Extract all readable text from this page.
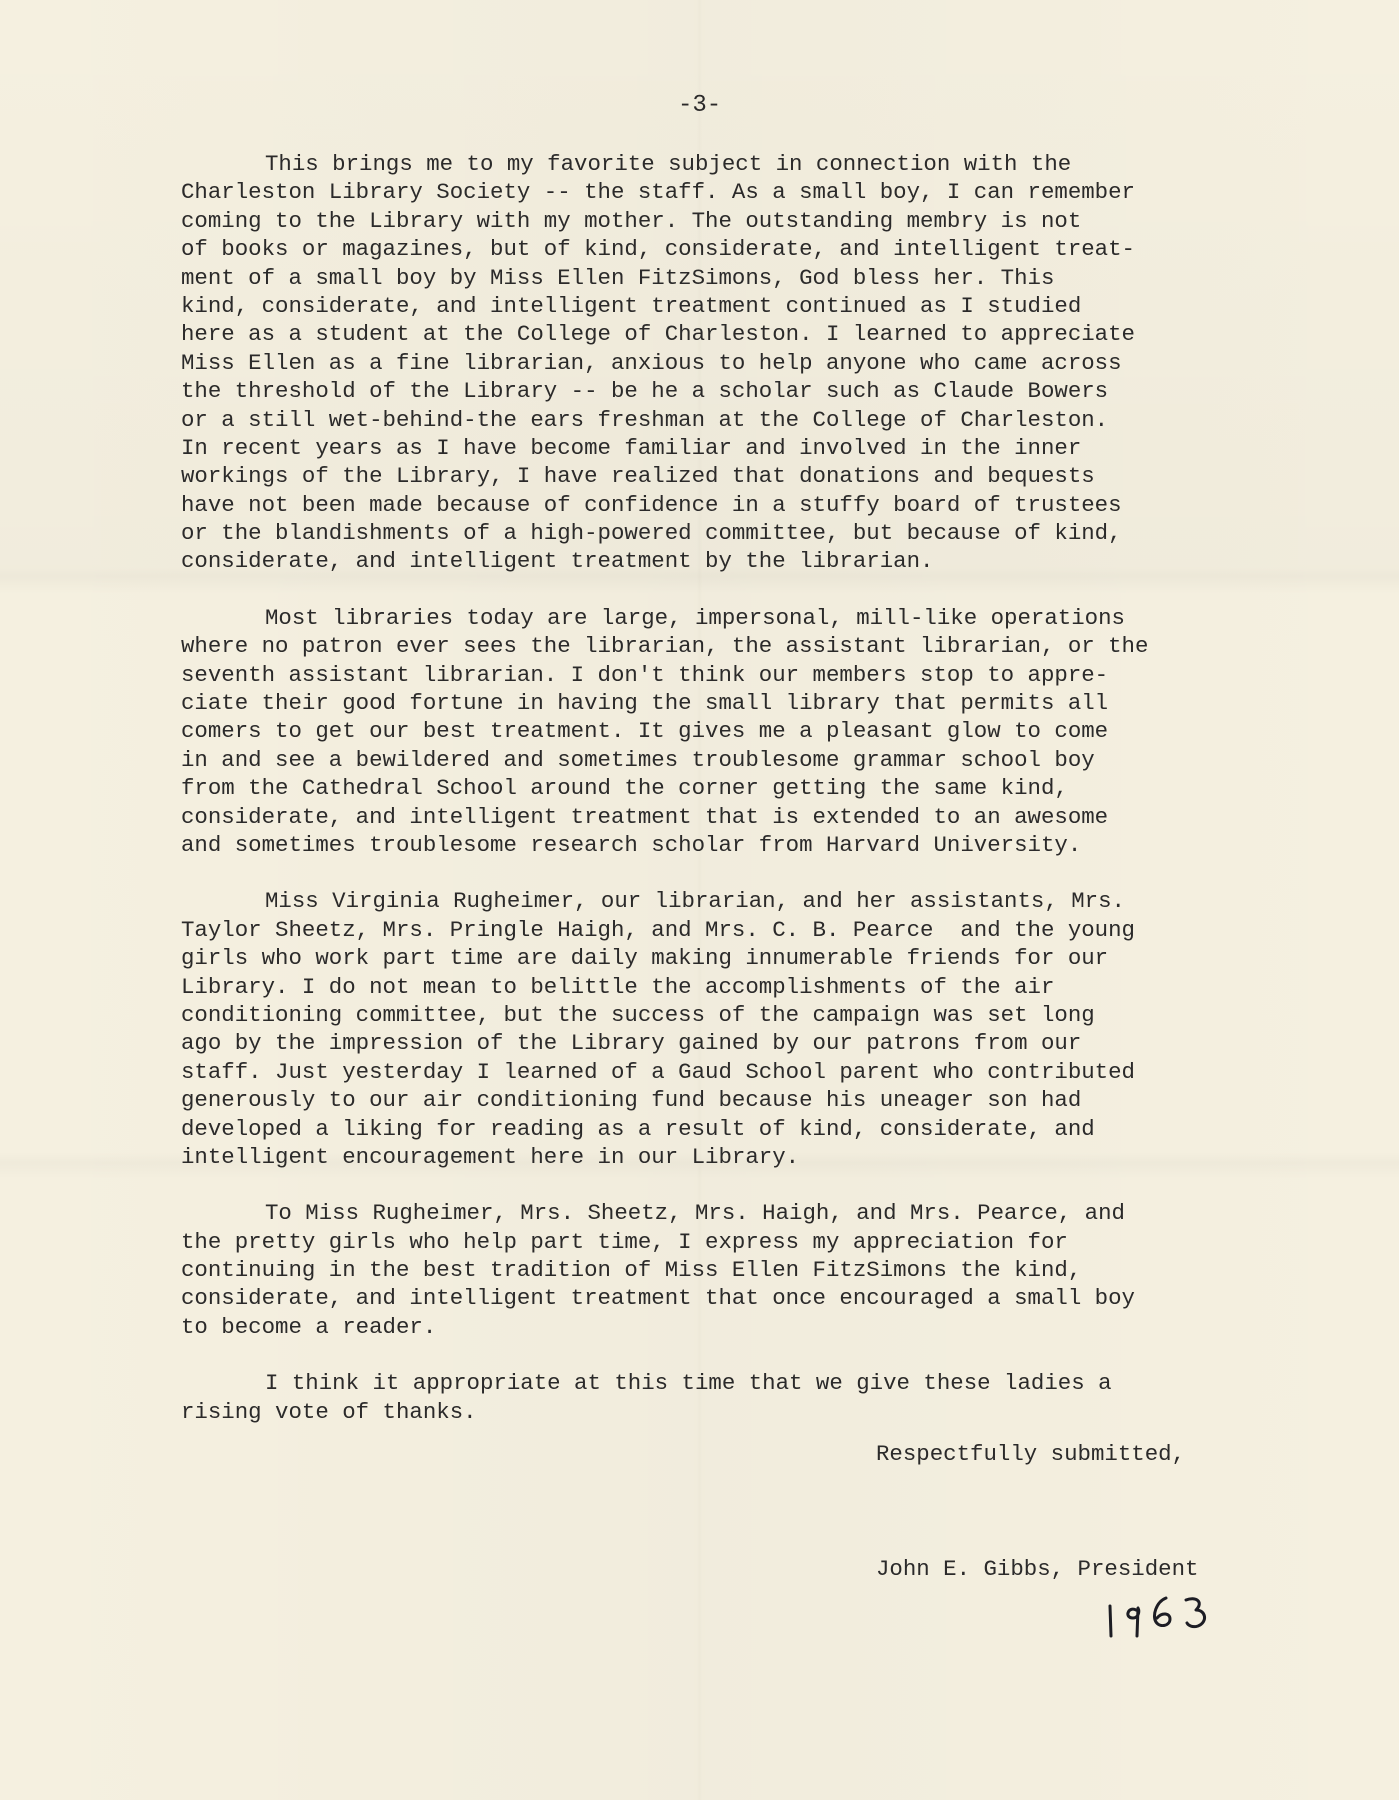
-3-

This brings me to my favorite subject in connection with the
Charleston Library Society -- the staff. As a small boy, I can remember
coming to the Library with my mother. The outstanding membry is not
of books or magazines, but of kind, considerate, and intelligent treat-
ment of a small boy by Miss Ellen FitzSimons, God bless her. This
kind, considerate, and intelligent treatment continued as I studied
here as a student at the College of Charleston. I learned to appreciate
Miss Ellen as a fine librarian, anxious to help anyone who came across
the threshold of the Library -- be he a scholar such as Claude Bowers
or a still wet-behind-the ears freshman at the College of Charleston.
In recent years as I have become familiar and involved in the inner
workings of the Library, I have realized that donations and bequests
have not been made because of confidence in a stuffy board of trustees
or the blandishments of a high-powered committee, but because of kind,
considerate, and intelligent treatment by the librarian.

Most libraries today are large, impersonal, mill-like operations
where no patron ever sees the librarian, the assistant librarian, or the
seventh assistant librarian. I don't think our members stop to appre-
ciate their good fortune in having the small library that permits all
comers to get our best treatment. It gives me a pleasant glow to come
in and see a bewildered and sometimes troublesome grammar school boy
from the Cathedral School around the corner getting the same kind,
considerate, and intelligent treatment that is extended to an awesome
and sometimes troublesome research scholar from Harvard University.

Miss Virginia Rugheimer, our librarian, and her assistants, Mrs.
Taylor Sheetz, Mrs. Pringle Haigh, and Mrs. C. B. Pearce  and the young
girls who work part time are daily making innumerable friends for our
Library. I do not mean to belittle the accomplishments of the air
conditioning committee, but the success of the campaign was set long
ago by the impression of the Library gained by our patrons from our
staff. Just yesterday I learned of a Gaud School parent who contributed
generously to our air conditioning fund because his uneager son had
developed a liking for reading as a result of kind, considerate, and
intelligent encouragement here in our Library.

To Miss Rugheimer, Mrs. Sheetz, Mrs. Haigh, and Mrs. Pearce, and
the pretty girls who help part time, I express my appreciation for
continuing in the best tradition of Miss Ellen FitzSimons the kind,
considerate, and intelligent treatment that once encouraged a small boy
to become a reader.

I think it appropriate at this time that we give these ladies a
rising vote of thanks.

Respectfully submitted,

John E. Gibbs, President
